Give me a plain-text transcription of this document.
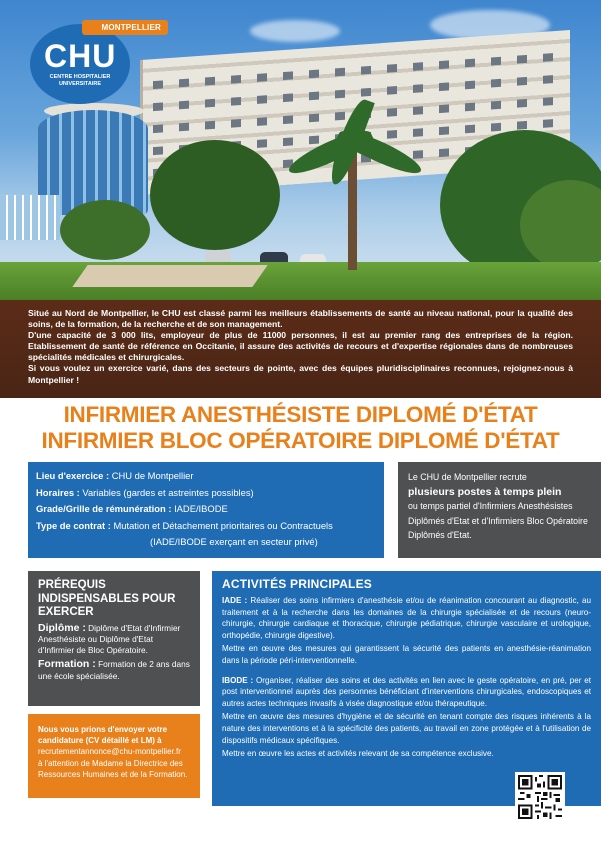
MONTPELLIER
CHU
CENTRE HOSPITALIER
UNIVERSITAIRE

Situé au Nord de Montpellier, le CHU est classé parmi les meilleurs établissements de santé au niveau national, pour la qualité des soins, de la formation, de la recherche et de son management.

D'une capacité de 3 000 lits, employeur de plus de 11000 personnes, il est au premier rang des entreprises de la région. Etablissement de santé de référence en Occitanie, il assure des activités de recours et d'expertise régionales dans de nombreuses spécialités médicales et chirurgicales.

Si vous voulez un exercice varié, dans des secteurs de pointe, avec des équipes pluridisciplinaires reconnues, rejoignez-nous à Montpellier !

INFIRMIER ANESTHÉSISTE DIPLOMÉ D'ÉTAT
INFIRMIER BLOC OPÉRATOIRE DIPLOMÉ D'ÉTAT
Lieu d'exercice : CHU de Montpellier
Horaires : Variables (gardes et astreintes possibles)
Grade/Grille de rémunération : IADE/IBODE
Type de contrat : Mutation et Détachement prioritaires ou Contractuels
(IADE/IBODE exerçant en secteur privé)
Le CHU de Montpellier recrute
plusieurs postes à temps plein
ou temps partiel d'Infirmiers Anesthésistes Diplômés d'Etat et d'Infirmiers Bloc Opératoire Diplômés d'Etat.
PRÉREQUIS INDISPENSABLES POUR EXERCER
Diplôme : Diplôme d'Etat d'Infirmier Anesthésiste ou Diplôme d'Etat d'Infirmier de Bloc Opératoire.
Formation : Formation de 2 ans dans une école spécialisée.
Nous vous prions d'envoyer votre candidature (CV détaillé et LM) à
recrutementannonce@chu-montpellier.fr
à l'attention de Madame la Directrice des Ressources Humaines et de la Formation.
ACTIVITÉS PRINCIPALES

IADE : Réaliser des soins infirmiers d'anesthésie et/ou de réanimation concourant au diagnostic, au traitement et à la recherche dans les domaines de la chirurgie spécialisée et de recours (neuro-chirurgie, chirurgie cardiaque et thoracique, chirurgie pédiatrique, chirurgie vasculaire et urologique, orthopédie, chirurgie digestive).

Mettre en œuvre des mesures qui garantissent la sécurité des patients en anesthésie-réanimation dans la période péri-interventionnelle.

IBODE : Organiser, réaliser des soins et des activités en lien avec le geste opératoire, en pré, per et post interventionnel auprès des personnes bénéficiant d'interventions chirurgicales, endoscopiques et autres actes techniques invasifs à visée diagnostique et/ou thérapeutique.

Mettre en œuvre des mesures d'hygiène et de sécurité en tenant compte des risques inhérents à la nature des interventions et à la spécificité des patients, au travail en zone protégée et à l'utilisation de dispositifs médicaux spécifiques.

Mettre en œuvre les actes et activités relevant de sa compétence exclusive.
